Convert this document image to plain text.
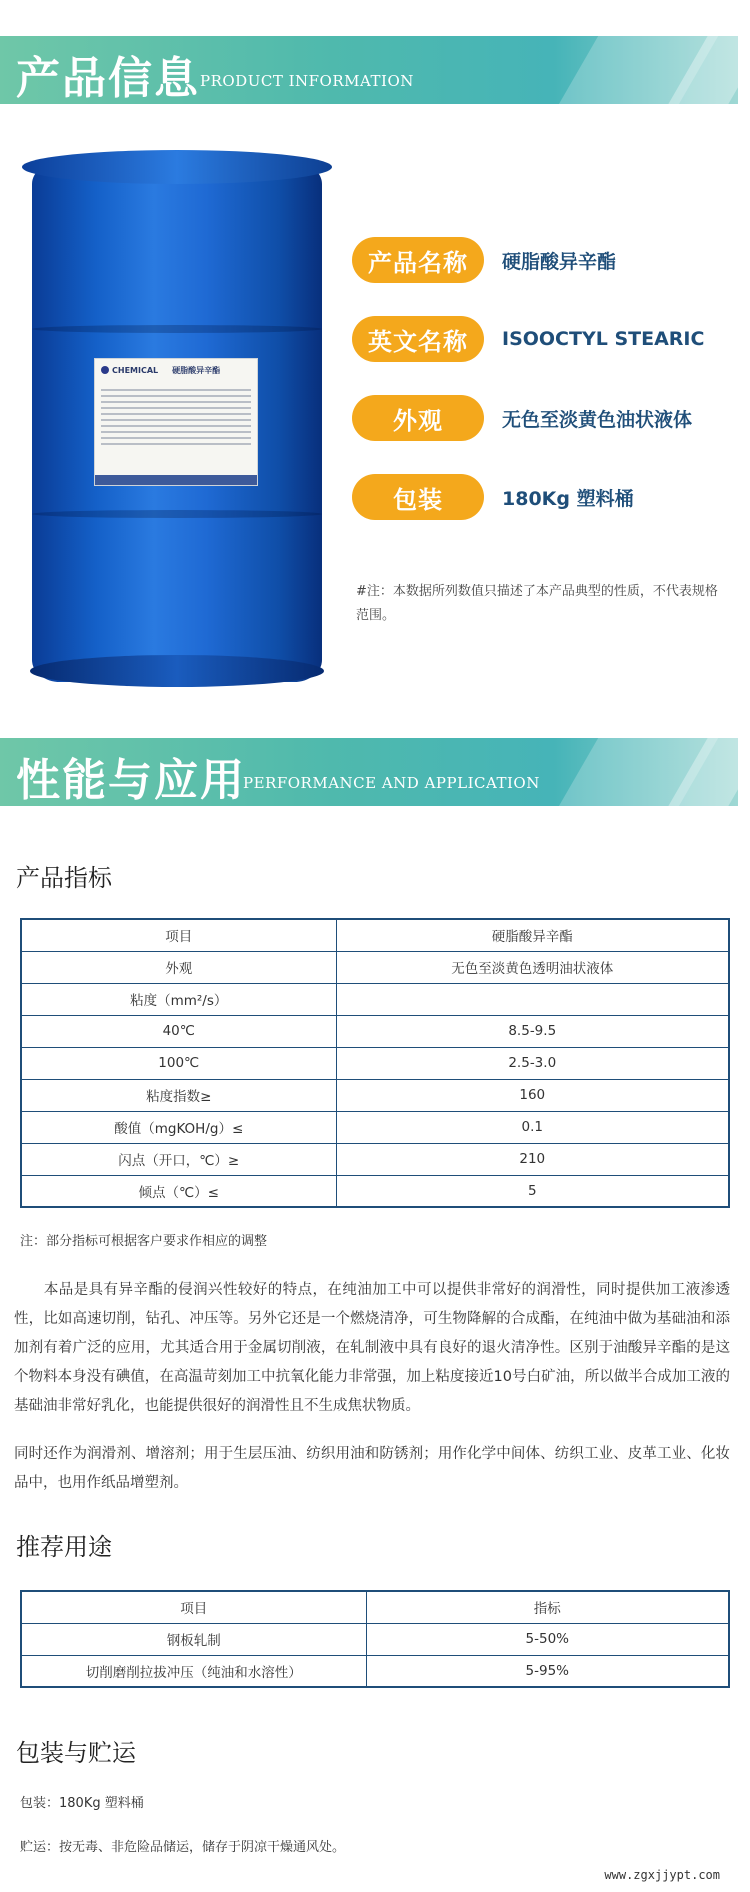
产品信息 PRODUCT INFORMATION
CHEMICAL 硬脂酸异辛酯
产品名称	硬脂酸异辛酯
英文名称	ISOOCTYL STEARIC
外观	无色至淡黄色油状液体
包装	180Kg 塑料桶
#注：本数据所列数值只描述了本产品典型的性质，不代表规格范围。
性能与应用
PERFORMANCE AND APPLICATION
产品指标
项目	硬脂酸异辛酯
外观	无色至淡黄色透明油状液体
粘度（mm²/s）	
40℃	8.5-9.5
100℃	2.5-3.0
粘度指数≥	160
酸值（mgKOH/g）≤	0.1
闪点（开口，℃）≥	210
倾点（℃）≤	5
注：部分指标可根据客户要求作相应的调整
　　本品是具有异辛酯的侵润兴性较好的特点，在纯油加工中可以提供非常好的润滑性，同时提供加工液渗透性，比如高速切削，钻孔、冲压等。另外它还是一个燃烧清净，可生物降解的合成酯，在纯油中做为基础油和添加剂有着广泛的应用，尤其适合用于金属切削液，在轧制液中具有良好的退火清净性。区别于油酸异辛酯的是这个物料本身没有碘值，在高温苛刻加工中抗氧化能力非常强，加上粘度接近10号白矿油，所以做半合成加工液的基础油非常好乳化，也能提供很好的润滑性且不生成焦状物质。
同时还作为润滑剂、增溶剂；用于生层压油、纺织用油和防锈剂；用作化学中间体、纺织工业、皮革工业、化妆品中，也用作纸品增塑剂。
推荐用途
项目	指标
钢板轧制	5-50%
切削磨削拉拔冲压（纯油和水溶性）	5-95%
包装与贮运
包装：180Kg 塑料桶
贮运：按无毒、非危险品储运，储存于阴凉干燥通风处。
www.zgxjjypt.com
